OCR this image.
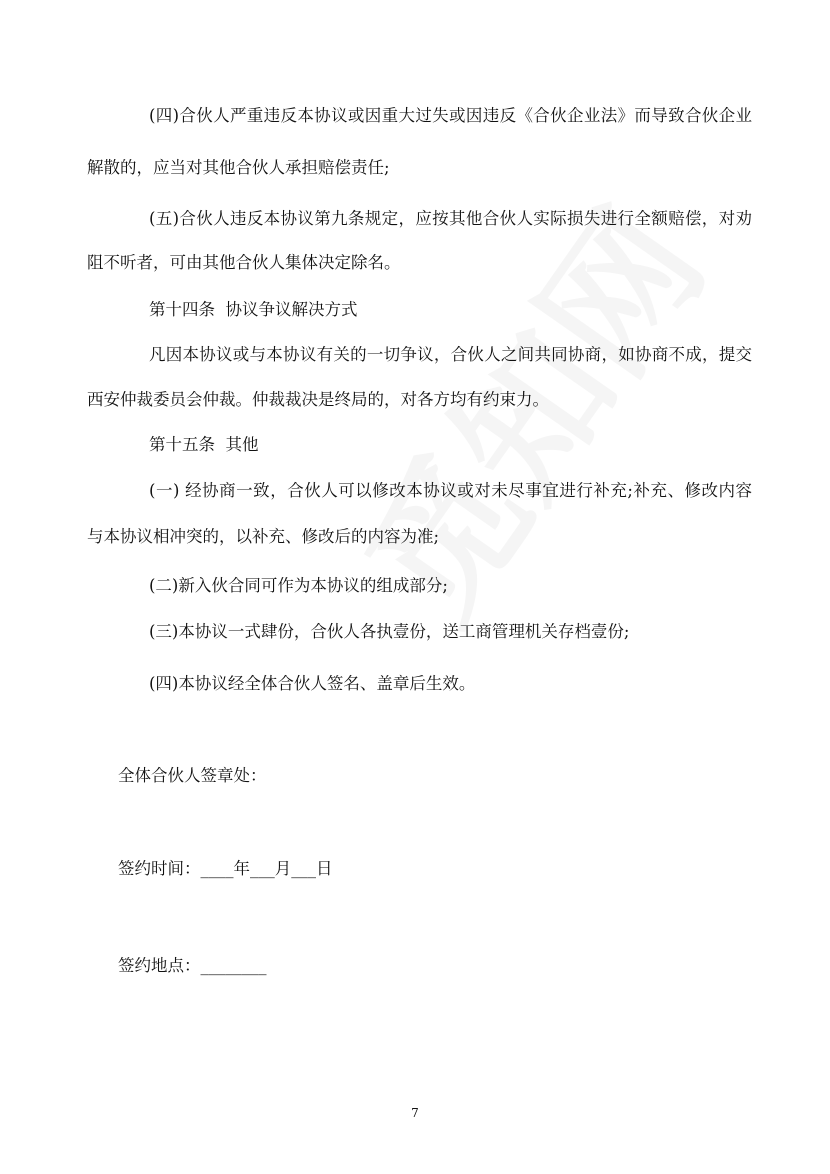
(四)合伙人严重违反本协议或因重大过失或因违反《合伙企业法》而导致合伙企业
解散的，应当对其他合伙人承担赔偿责任;
(五)合伙人违反本协议第九条规定，应按其他合伙人实际损失进行全额赔偿，对劝
阻不听者，可由其他合伙人集体决定除名。
第十四条  协议争议解决方式
凡因本协议或与本协议有关的一切争议，合伙人之间共同协商，如协商不成，提交
西安仲裁委员会仲裁。仲裁裁决是终局的，对各方均有约束力。
第十五条  其他
(一) 经协商一致，合伙人可以修改本协议或对未尽事宜进行补充;补充、修改内容
与本协议相冲突的，以补充、修改后的内容为准;
(二)新入伙合同可作为本协议的组成部分;
(三)本协议一式肆份，合伙人各执壹份，送工商管理机关存档壹份;
(四)本协议经全体合伙人签名、盖章后生效。
全体合伙人签章处：
签约时间：____年___月___日
签约地点：________
7
